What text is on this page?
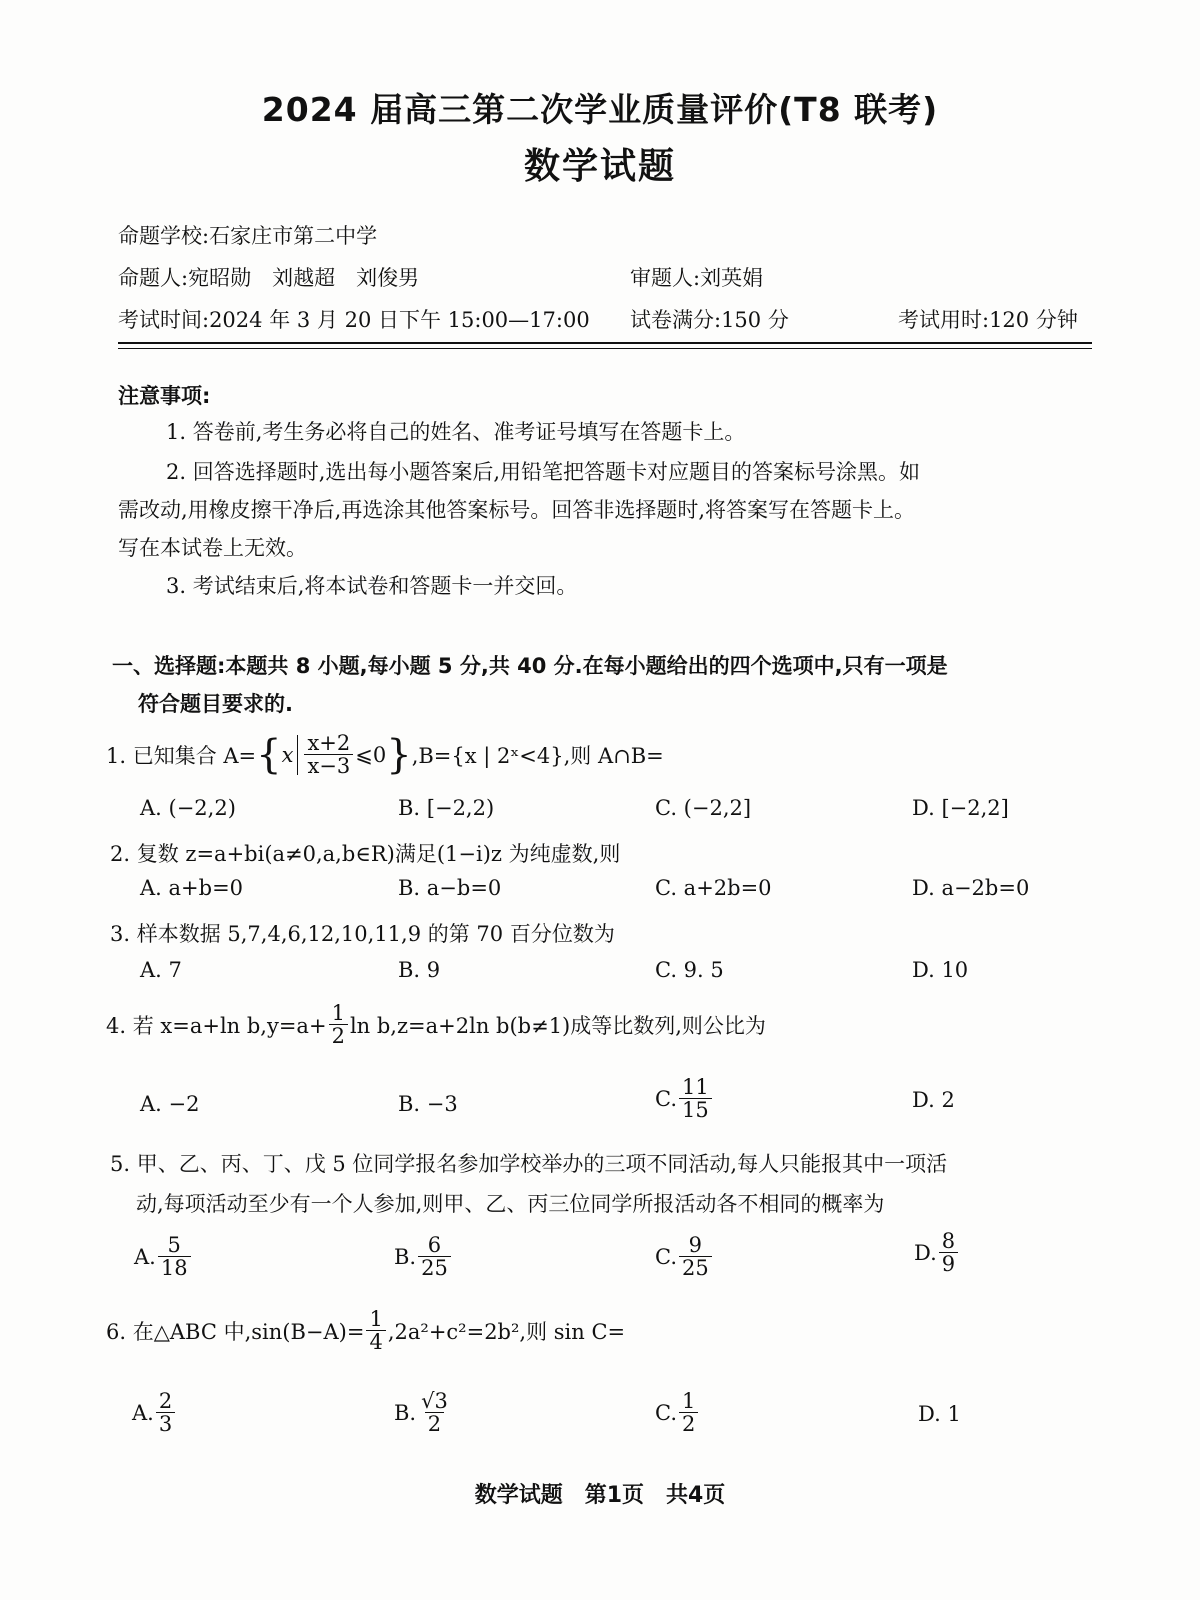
2024 届高三第二次学业质量评价(T8 联考)
数学试题
命题学校:石家庄市第二中学
命题人:宛昭勋　刘越超　刘俊男	审题人:刘英娟
考试时间:2024 年 3 月 20 日下午 15:00—17:00 试卷满分:150 分	考试用时:120 分钟
注意事项:
1. 答卷前,考生务必将自己的姓名、准考证号填写在答题卡上。
2. 回答选择题时,选出每小题答案后,用铅笔把答题卡对应题目的答案标号涂黑。如
需改动,用橡皮擦干净后,再选涂其他答案标号。回答非选择题时,将答案写在答题卡上。
写在本试卷上无效。
3. 考试结束后,将本试卷和答题卡一并交回。
一、选择题:本题共 8 小题,每小题 5 分,共 40 分.在每小题给出的四个选项中,只有一项是
符合题目要求的.
1. 已知集合 A= { x $\frac{x+2}{x-3}$ ⩽0 } ,B={x | 2ˣ<4},则 A∩B=
A. (−2,2)	B. [−2,2)	C. (−2,2]	D. [−2,2]
2. 复数 z=a+bi(a≠0,a,b∈R)满足(1−i)z 为纯虚数,则
A. a+b=0	B. a−b=0	C. a+2b=0	D. a−2b=0
3. 样本数据 5,7,4,6,12,10,11,9 的第 70 百分位数为
A. 7	B. 9	C. 9. 5	D. 10
4. 若 x=a+ln $b,y=a+ \frac{1}{2}$ ln b,z=a+2ln b(b≠1)成等比数列,则公比为
A. −2	B. −3	C. $\frac{11}{15}$	D. 2
5. 甲、乙、丙、丁、戊 5 位同学报名参加学校举办的三项不同活动,每人只能报其中一项活
动,每项活动至少有一个人参加,则甲、乙、丙三位同学所报活动各不相同的概率为
A. $\frac{5}{18}$	B. $\frac{6}{25}$	C. $\frac{9}{25}$	D. $\frac{8}{9}$
6. 在△ABC 中$,\sin(B-A)= \frac{1}{4} ,2a^2+c^2=2b^2$,则 sin C=
A. $\frac{2}{3}$	B. $\frac{√3}{2}$	C. $\frac{1}{2}$	D. 1
数学试题　第1页　共4页
